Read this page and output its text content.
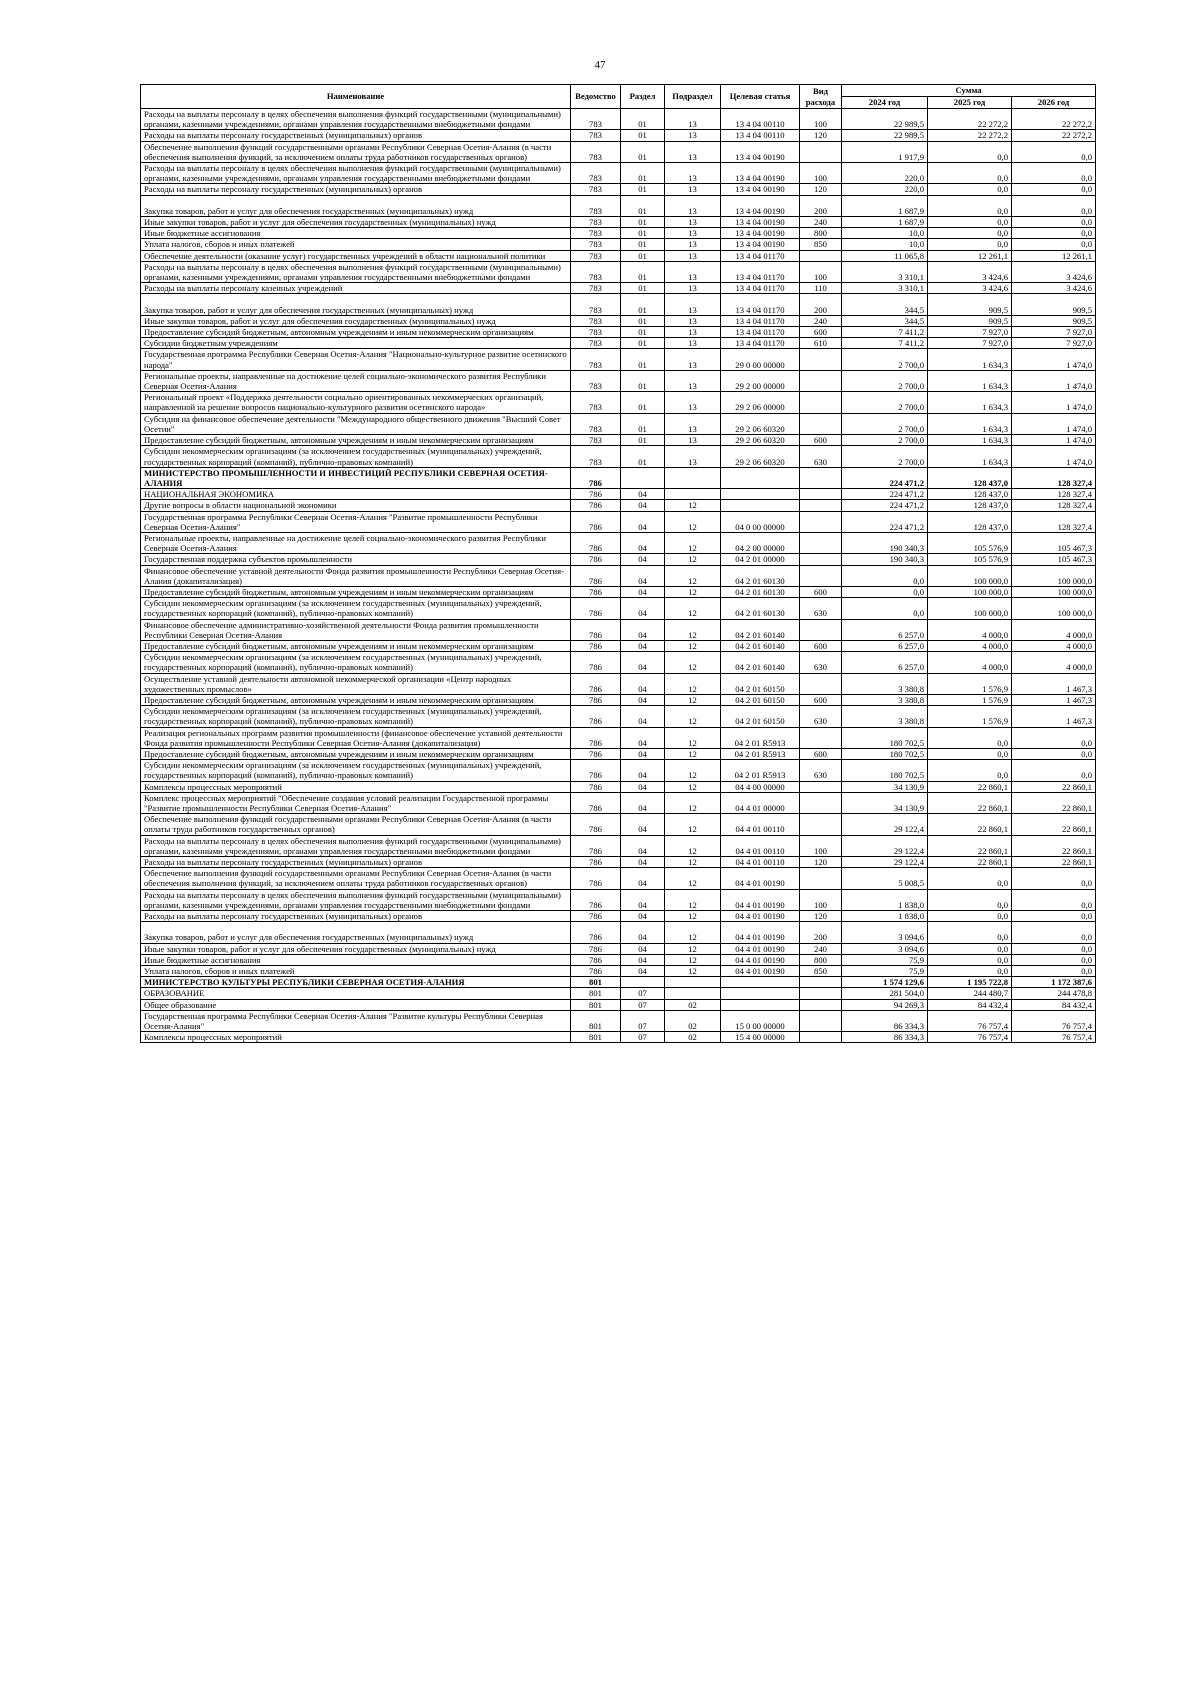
47
Наименование	Ведомство	Раздел	Подраздел	Целевая статья	Вид расхода	Сумма		
						2024 год	2025 год	2026 год
Расходы на выплаты персоналу в целях обеспечения выполнения функций государственными (муниципальными) органами, казенными учреждениями, органами управления государственными внебюджетными фондами	783	01	13	13 4 04 00110	100	22 989,5	22 272,2	22 272,2
Расходы на выплаты персоналу государственных (муниципальных) органов	783	01	13	13 4 04 00110	120	22 989,5	22 272,2	22 272,2
Обеспечение выполнения функций государственными органами Республики Северная Осетия-Алания (в части обеспечения выполнения функций, за исключением оплаты труда работников государственных органов)	783	01	13	13 4 04 00190		1 917,9	0,0	0,0
Расходы на выплаты персоналу в целях обеспечения выполнения функций государственными (муниципальными) органами, казенными учреждениями, органами управления государственными внебюджетными фондами	783	01	13	13 4 04 00190	100	220,0	0,0	0,0
Расходы на выплаты персоналу государственных (муниципальных) органов	783	01	13	13 4 04 00190	120	220,0	0,0	0,0

Закупка товаров, работ и услуг для обеспечения государственных (муниципальных) нужд	783	01	13	13 4 04 00190	200	1 687,9	0,0	0,0
Иные закупки товаров, работ и услуг для обеспечения государственных (муниципальных) нужд	783	01	13	13 4 04 00190	240	1 687,9	0,0	0,0
Иные бюджетные ассигнования	783	01	13	13 4 04 00190	800	10,0	0,0	0,0
Уплата налогов, сборов и иных платежей	783	01	13	13 4 04 00190	850	10,0	0,0	0,0
Обеспечение деятельности (оказание услуг) государственных учреждений в области национальной политики	783	01	13	13 4 04 01170		11 065,8	12 261,1	12 261,1
Расходы на выплаты персоналу в целях обеспечения выполнения функций государственными (муниципальными) органами, казенными учреждениями, органами управления государственными внебюджетными фондами	783	01	13	13 4 04 01170	100	3 310,1	3 424,6	3 424,6
Расходы на выплаты персоналу казенных учреждений	783	01	13	13 4 04 01170	110	3 310,1	3 424,6	3 424,6

Закупка товаров, работ и услуг для обеспечения государственных (муниципальных) нужд	783	01	13	13 4 04 01170	200	344,5	909,5	909,5
Иные закупки товаров, работ и услуг для обеспечения государственных (муниципальных) нужд	783	01	13	13 4 04 01170	240	344,5	909,5	909,5
Предоставление субсидий бюджетным, автономным учреждениям и иным некоммерческим организациям	783	01	13	13 4 04 01170	600	7 411,2	7 927,0	7 927,0
Субсидии бюджетным учреждениям	783	01	13	13 4 04 01170	610	7 411,2	7 927,0	7 927,0
Государственная программа Республики Северная Осетия-Алания "Национально-культурное развитие осетинского народа"	783	01	13	29 0 00 00000		2 700,0	1 634,3	1 474,0
Региональные проекты, направленные на достижение целей социально-экономического развития Республики Северная Осетия-Алания	783	01	13	29 2 00 00000		2 700,0	1 634,3	1 474,0
Региональный проект «Поддержка деятельности социально ориентированных некоммерческих организаций, направленной на решение вопросов национально-культурного развития осетинского народа»	783	01	13	29 2 06 00000		2 700,0	1 634,3	1 474,0
Субсидия на финансовое обеспечение деятельности "Международного общественного движения "Высший Совет Осетии"	783	01	13	29 2 06 60320		2 700,0	1 634,3	1 474,0
Предоставление субсидий бюджетным, автономным учреждениям и иным некоммерческим организациям	783	01	13	29 2 06 60320	600	2 700,0	1 634,3	1 474,0
Субсидии некоммерческим организациям (за исключением государственных (муниципальных) учреждений, государственных корпораций (компаний), публично-правовых компаний)	783	01	13	29 2 06 60320	630	2 700,0	1 634,3	1 474,0
МИНИСТЕРСТВО ПРОМЫШЛЕННОСТИ И ИНВЕСТИЦИЙ РЕСПУБЛИКИ СЕВЕРНАЯ ОСЕТИЯ-АЛАНИЯ	786					224 471,2	128 437,0	128 327,4
НАЦИОНАЛЬНАЯ ЭКОНОМИКА	786	04				224 471,2	128 437,0	128 327,4
Другие вопросы в области национальной экономики	786	04	12			224 471,2	128 437,0	128 327,4
Государственная программа Республики Северная Осетия-Алания "Развитие промышленности Республики Северная Осетия-Алания"	786	04	12	04 0 00 00000		224 471,2	128 437,0	128 327,4
Региональные проекты, направленные на достижение целей социально-экономического развития Республики Северная Осетия-Алания	786	04	12	04 2 00 00000		190 340,3	105 576,9	105 467,3
Государственная поддержка субъектов промышленности	786	04	12	04 2 01 00000		190 340,3	105 576,9	105 467,3
Финансовое обеспечение уставной деятельности Фонда развития промышленности Республики Северная Осетия-Алания (докапитализация)	786	04	12	04 2 01 60130		0,0	100 000,0	100 000,0
Предоставление субсидий бюджетным, автономным учреждениям и иным некоммерческим организациям	786	04	12	04 2 01 60130	600	0,0	100 000,0	100 000,0
Субсидии некоммерческим организациям (за исключением государственных (муниципальных) учреждений, государственных корпораций (компаний), публично-правовых компаний)	786	04	12	04 2 01 60130	630	0,0	100 000,0	100 000,0
Финансовое обеспечение административно-хозяйственной деятельности Фонда развития промышленности Республики Северная Осетия-Алания	786	04	12	04 2 01 60140		6 257,0	4 000,0	4 000,0
Предоставление субсидий бюджетным, автономным учреждениям и иным некоммерческим организациям	786	04	12	04 2 01 60140	600	6 257,0	4 000,0	4 000,0
Субсидии некоммерческим организациям (за исключением государственных (муниципальных) учреждений, государственных корпораций (компаний), публично-правовых компаний)	786	04	12	04 2 01 60140	630	6 257,0	4 000,0	4 000,0
Осуществление уставной деятельности автономной некоммерческой организации «Центр народных художественных промыслов»	786	04	12	04 2 01 60150		3 380,8	1 576,9	1 467,3
Предоставление субсидий бюджетным, автономным учреждениям и иным некоммерческим организациям	786	04	12	04 2 01 60150	600	3 380,8	1 576,9	1 467,3
Субсидии некоммерческим организациям (за исключением государственных (муниципальных) учреждений, государственных корпораций (компаний), публично-правовых компаний)	786	04	12	04 2 01 60150	630	3 380,8	1 576,9	1 467,3
Реализация региональных программ развития промышленности (финансовое обеспечение уставной деятельности Фонда развития промышленности Республики Северная Осетия-Алания (докапитализация)	786	04	12	04 2 01 R5913		180 702,5	0,0	0,0
Предоставление субсидий бюджетным, автономным учреждениям и иным некоммерческим организациям	786	04	12	04 2 01 R5913	600	180 702,5	0,0	0,0
Субсидии некоммерческим организациям (за исключением государственных (муниципальных) учреждений, государственных корпораций (компаний), публично-правовых компаний)	786	04	12	04 2 01 R5913	630	180 702,5	0,0	0,0
Комплексы процессных мероприятий	786	04	12	04 4 00 00000		34 130,9	22 860,1	22 860,1
Комплекс процессных мероприятий "Обеспечение создания условий реализации Государственной программы "Развитие промышленности Республики Северная Осетия-Алания"	786	04	12	04 4 01 00000		34 130,9	22 860,1	22 860,1
Обеспечение выполнения функций государственными органами Республики Северная Осетия-Алания (в части оплаты труда работников государственных органов)	786	04	12	04 4 01 00110		29 122,4	22 860,1	22 860,1
Расходы на выплаты персоналу в целях обеспечения выполнения функций государственными (муниципальными) органами, казенными учреждениями, органами управления государственными внебюджетными фондами	786	04	12	04 4 01 00110	100	29 122,4	22 860,1	22 860,1
Расходы на выплаты персоналу государственных (муниципальных) органов	786	04	12	04 4 01 00110	120	29 122,4	22 860,1	22 860,1
Обеспечение выполнения функций государственными органами Республики Северная Осетия-Алания (в части обеспечения выполнения функций, за исключением оплаты труда работников государственных органов)	786	04	12	04 4 01 00190		5 008,5	0,0	0,0
Расходы на выплаты персоналу в целях обеспечения выполнения функций государственными (муниципальными) органами, казенными учреждениями, органами управления государственными внебюджетными фондами	786	04	12	04 4 01 00190	100	1 838,0	0,0	0,0
Расходы на выплаты персоналу государственных (муниципальных) органов	786	04	12	04 4 01 00190	120	1 838,0	0,0	0,0

Закупка товаров, работ и услуг для обеспечения государственных (муниципальных) нужд	786	04	12	04 4 01 00190	200	3 094,6	0,0	0,0
Иные закупки товаров, работ и услуг для обеспечения государственных (муниципальных) нужд	786	04	12	04 4 01 00190	240	3 094,6	0,0	0,0
Иные бюджетные ассигнования	786	04	12	04 4 01 00190	800	75,9	0,0	0,0
Уплата налогов, сборов и иных платежей	786	04	12	04 4 01 00190	850	75,9	0,0	0,0
МИНИСТЕРСТВО КУЛЬТУРЫ РЕСПУБЛИКИ СЕВЕРНАЯ ОСЕТИЯ-АЛАНИЯ	801					1 574 129,6	1 195 722,8	1 172 387,6
ОБРАЗОВАНИЕ	801	07				281 504,0	244 480,7	244 478,8
Общее образование	801	07	02			94 269,3	84 432,4	84 432,4
Государственная программа Республики Северная Осетия-Алания "Развитие культуры Республики Северная Осетия-Алания"	801	07	02	15 0 00 00000		86 334,3	76 757,4	76 757,4
Комплексы процессных мероприятий	801	07	02	15 4 00 00000		86 334,3	76 757,4	76 757,4
